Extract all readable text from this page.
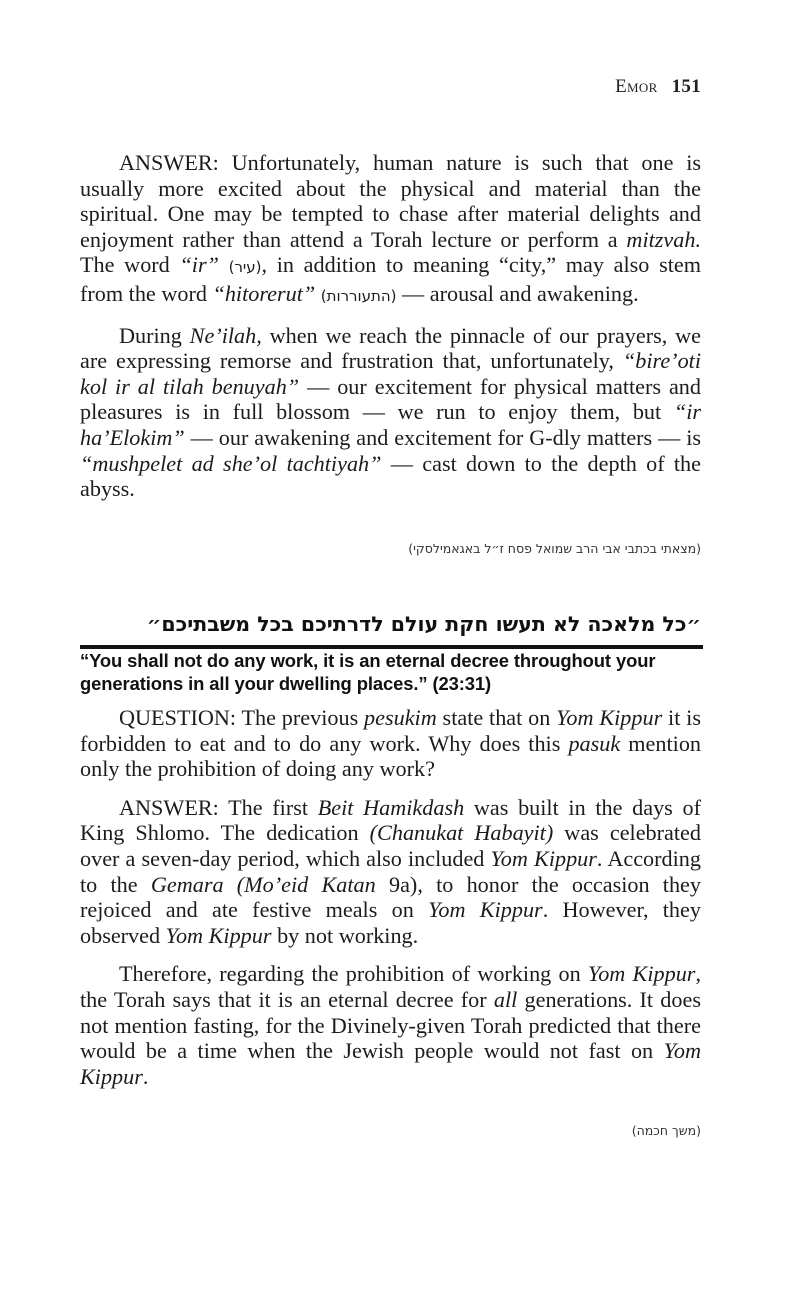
Emor 151

ANSWER: Unfortunately, human nature is such that one is usually more excited about the physical and material than the spiritual. One may be tempted to chase after material delights and enjoyment rather than attend a Torah lecture or perform a mitzvah. The word “ir” (עיר), in addition to meaning “city,” may also stem from the word “hitorerut” (התעוררות) — arousal and awakening.

During Ne’ilah, when we reach the pinnacle of our prayers, we are expressing remorse and frustration that, unfortunately, “bire’oti kol ir al tilah benuyah” — our excitement for physical matters and pleasures is in full blossom — we run to enjoy them, but “ir ha’Elokim” — our awakening and excitement for G-dly matters — is “mushpelet ad she’ol tachtiyah” — cast down to the depth of the abyss.

(מצאתי בכתבי אבי הרב שמואל פסח ז״ל באגאמילסקי)
״כל מלאכה לא תעשו חקת עולם לדרתיכם בכל משבתיכם״
“You shall not do any work, it is an eternal decree throughout your generations in all your dwelling places.” (23:31)

QUESTION: The previous pesukim state that on Yom Kippur it is forbidden to eat and to do any work. Why does this pasuk mention only the prohibition of doing any work?

ANSWER: The first Beit Hamikdash was built in the days of King Shlomo. The dedication (Chanukat Habayit) was celebrated over a seven-day period, which also included Yom Kippur. According to the Gemara (Mo’eid Katan 9a), to honor the occasion they rejoiced and ate festive meals on Yom Kippur. However, they observed Yom Kippur by not working.

Therefore, regarding the prohibition of working on Yom Kippur, the Torah says that it is an eternal decree for all generations. It does not mention fasting, for the Divinely-given Torah predicted that there would be a time when the Jewish people would not fast on Yom Kippur.

(משך חכמה)
